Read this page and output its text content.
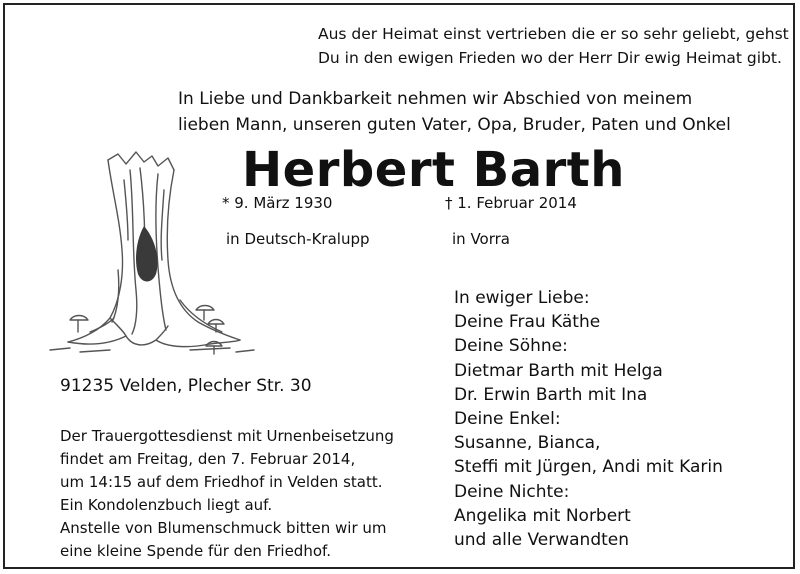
Aus der Heimat einst vertrieben die er so sehr geliebt, gehst
Du in den ewigen Frieden wo der Herr Dir ewig Heimat gibt.
In Liebe und Dankbarkeit nehmen wir Abschied von meinem
lieben Mann, unseren guten Vater, Opa, Bruder, Paten und Onkel
Herbert Barth
* 9. März 1930	† 1. Februar 2014
in Deutsch-Kralupp	in Vorra
91235 Velden, Plecher Str. 30
Der Trauergottesdienst mit Urnenbeisetzung
findet am Freitag, den 7. Februar 2014,
um 14:15 auf dem Friedhof in Velden statt.
Ein Kondolenzbuch liegt auf.
Anstelle von Blumenschmuck bitten wir um
eine kleine Spende für den Friedhof.
In ewiger Liebe:
Deine Frau Käthe
Deine Söhne:
Dietmar Barth mit Helga
Dr. Erwin Barth mit Ina
Deine Enkel:
Susanne, Bianca,
Steffi mit Jürgen, Andi mit Karin
Deine Nichte:
Angelika mit Norbert
und alle Verwandten
